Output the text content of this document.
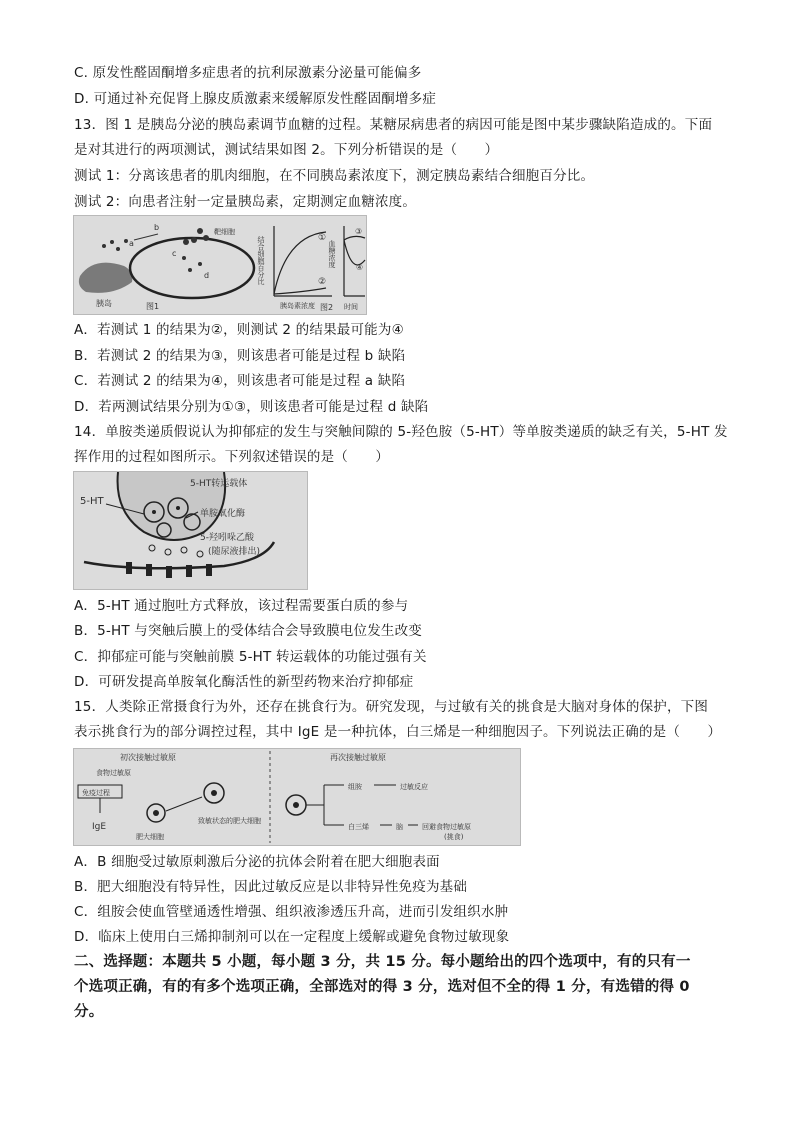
C. 原发性醛固酮增多症患者的抗利尿激素分泌量可能偏多
D. 可通过补充促肾上腺皮质激素来缓解原发性醛固酮增多症
13．图 1 是胰岛分泌的胰岛素调节血糖的过程。某糖尿病患者的病因可能是图中某步骤缺陷造成的。下面
是对其进行的两项测试，测试结果如图 2。下列分析错误的是（　　）
测试 1：分离该患者的肌肉细胞，在不同胰岛素浓度下，测定胰岛素结合细胞百分比。
测试 2：向患者注射一定量胰岛素，定期测定血糖浓度。
胰岛
a
b	靶细胞
c
d
图1
结合细胞百分比	①
②
胰岛素浓度 图2
血糖浓度
③
④
时间
A．若测试 1 的结果为②，则测试 2 的结果最可能为④
B．若测试 2 的结果为③，则该患者可能是过程 b 缺陷
C．若测试 2 的结果为④，则该患者可能是过程 a 缺陷
D．若两测试结果分别为①③，则该患者可能是过程 d 缺陷
14．单胺类递质假说认为抑郁症的发生与突触间隙的 5-羟色胺（5-HT）等单胺类递质的缺乏有关，5-HT 发
挥作用的过程如图所示。下列叙述错误的是（　　）
5-HT
5-HT转运载体
单胺氧化酶
5-羟吲哚乙酸
(随尿液排出)
A．5-HT 通过胞吐方式释放，该过程需要蛋白质的参与
B．5-HT 与突触后膜上的受体结合会导致膜电位发生改变
C．抑郁症可能与突触前膜 5-HT 转运载体的功能过强有关
D．可研发提高单胺氧化酶活性的新型药物来治疗抑郁症
15．人类除正常摄食行为外，还存在挑食行为。研究发现，与过敏有关的挑食是大脑对身体的保护，下图
表示挑食行为的部分调控过程，其中 IgE 是一种抗体，白三烯是一种细胞因子。下列说法正确的是（　　）
初次接触过敏原	再次接触过敏原
食物过敏原
免疫过程
IgE
肥大细胞
致敏状态的肥大细胞
组胺	过敏反应
白三烯	脑	回避食物过敏原
(挑食)
A．B 细胞受过敏原刺激后分泌的抗体会附着在肥大细胞表面
B．肥大细胞没有特异性，因此过敏反应是以非特异性免疫为基础
C．组胺会使血管壁通透性增强、组织液渗透压升高，进而引发组织水肿
D．临床上使用白三烯抑制剂可以在一定程度上缓解或避免食物过敏现象
二、选择题：本题共 5 小题，每小题 3 分，共 15 分。每小题给出的四个选项中，有的只有一
个选项正确，有的有多个选项正确，全部选对的得 3 分，选对但不全的得 1 分，有选错的得 0
分。
